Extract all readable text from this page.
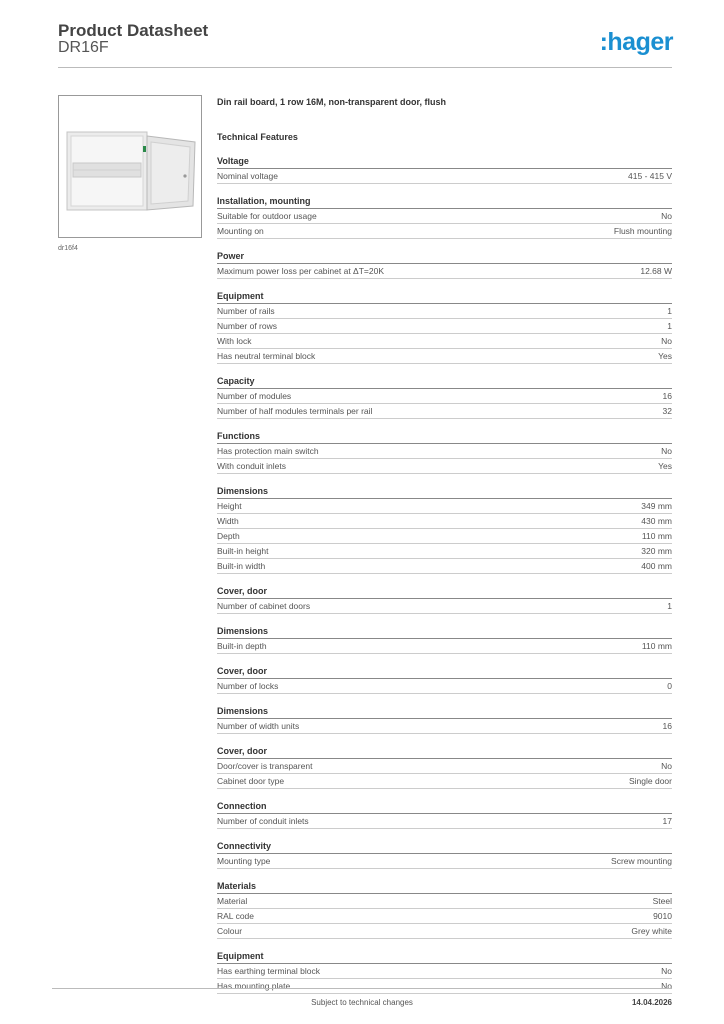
Product Datasheet
DR16F	:hager
dr16f4
Din rail board, 1 row 16M, non-transparent door, flush
Technical Features
Voltage
Nominal voltage	415 - 415 V
Installation, mounting
Suitable for outdoor usage	No
Mounting on	Flush mounting
Power
Maximum power loss per cabinet at ΔT=20K	12.68 W
Equipment
Number of rails	1
Number of rows	1
With lock	No
Has neutral terminal block	Yes
Capacity
Number of modules	16
Number of half modules terminals per rail	32
Functions
Has protection main switch	No
With conduit inlets	Yes
Dimensions
Height	349 mm
Width	430 mm
Depth	110 mm
Built-in height	320 mm
Built-in width	400 mm
Cover, door
Number of cabinet doors	1
Dimensions
Built-in depth	110 mm
Cover, door
Number of locks	0
Dimensions
Number of width units	16
Cover, door
Door/cover is transparent	No
Cabinet door type	Single door
Connection
Number of conduit inlets	17
Connectivity
Mounting type	Screw mounting
Materials
Material	Steel
RAL code	9010
Colour	Grey white
Equipment
Has earthing terminal block	No
Has mounting plate	No
Subject to technical changes	14.04.2026
